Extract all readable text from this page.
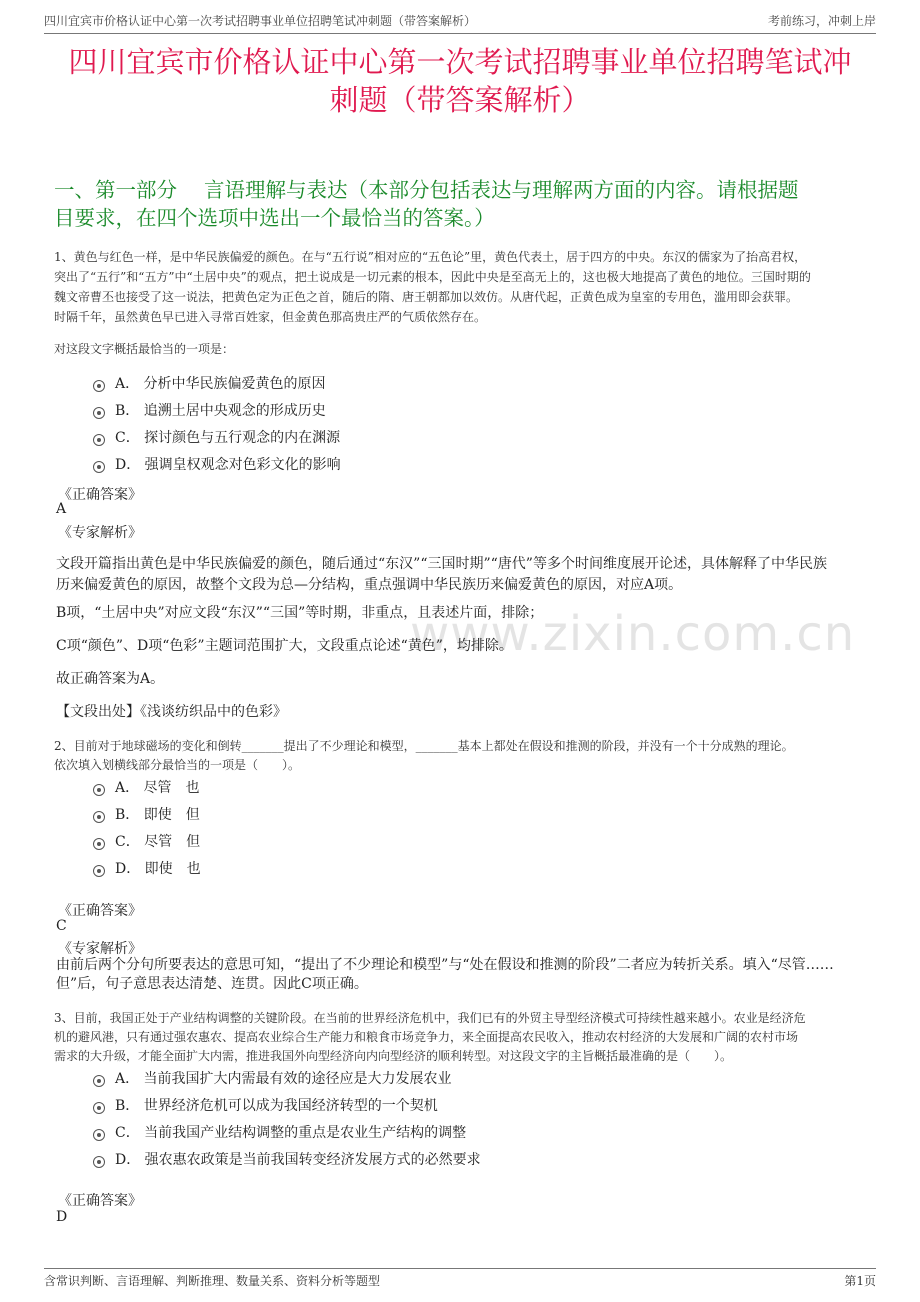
四川宜宾市价格认证中心第一次考试招聘事业单位招聘笔试冲刺题（带答案解析）	考前练习，冲刺上岸
四川宜宾市价格认证中心第一次考试招聘事业单位招聘笔试冲
刺题（带答案解析）
一、第一部分　 言语理解与表达（本部分包括表达与理解两方面的内容。请根据题
目要求，在四个选项中选出一个最恰当的答案。）
www.zixin.com.cn
1、黄色与红色一样，是中华民族偏爱的颜色。在与“五行说”相对应的“五色论”里，黄色代表土，居于四方的中央。东汉的儒家为了抬高君权，
突出了“五行”和“五方”中“土居中央”的观点，把土说成是一切元素的根本，因此中央是至高无上的，这也极大地提高了黄色的地位。三国时期的
魏文帝曹丕也接受了这一说法，把黄色定为正色之首，随后的隋、唐王朝都加以效仿。从唐代起，正黄色成为皇室的专用色，滥用即会获罪。
时隔千年，虽然黄色早已进入寻常百姓家，但金黄色那高贵庄严的气质依然存在。
对这段文字概括最恰当的一项是：
A． 分析中华民族偏爱黄色的原因
B． 追溯土居中央观念的形成历史
C． 探讨颜色与五行观念的内在渊源
D． 强调皇权观念对色彩文化的影响
《正确答案》
A
《专家解析》
文段开篇指出黄色是中华民族偏爱的颜色，随后通过“东汉”“三国时期”“唐代”等多个时间维度展开论述，具体解释了中华民族
历来偏爱黄色的原因，故整个文段为总—分结构，重点强调中华民族历来偏爱黄色的原因，对应A项。
B项，“土居中央”对应文段“东汉”“三国”等时期，非重点，且表述片面，排除；
C项“颜色”、D项“色彩”主题词范围扩大，文段重点论述“黄色”，均排除。
故正确答案为A。
【文段出处】《浅谈纺织品中的色彩》
2、目前对于地球磁场的变化和倒转_______提出了不少理论和模型，_______基本上都处在假设和推测的阶段，并没有一个十分成熟的理论。
依次填入划横线部分最恰当的一项是（　　）。
A． 尽管　也
B． 即使　但
C． 尽管　但
D． 即使　也
《正确答案》
C
《专家解析》
由前后两个分句所要表达的意思可知，“提出了不少理论和模型”与“处在假设和推测的阶段”二者应为转折关系。填入“尽管……
但”后，句子意思表达清楚、连贯。因此C项正确。
3、目前，我国正处于产业结构调整的关键阶段。在当前的世界经济危机中，我们已有的外贸主导型经济模式可持续性越来越小。农业是经济危
机的避风港，只有通过强农惠农、提高农业综合生产能力和粮食市场竞争力，来全面提高农民收入，推动农村经济的大发展和广阔的农村市场
需求的大升级，才能全面扩大内需，推进我国外向型经济向内向型经济的顺利转型。对这段文字的主旨概括最准确的是（　　）。
A． 当前我国扩大内需最有效的途径应是大力发展农业
B． 世界经济危机可以成为我国经济转型的一个契机
C． 当前我国产业结构调整的重点是农业生产结构的调整
D． 强农惠农政策是当前我国转变经济发展方式的必然要求
《正确答案》
D
含常识判断、言语理解、判断推理、数量关系、资料分析等题型	第1页
